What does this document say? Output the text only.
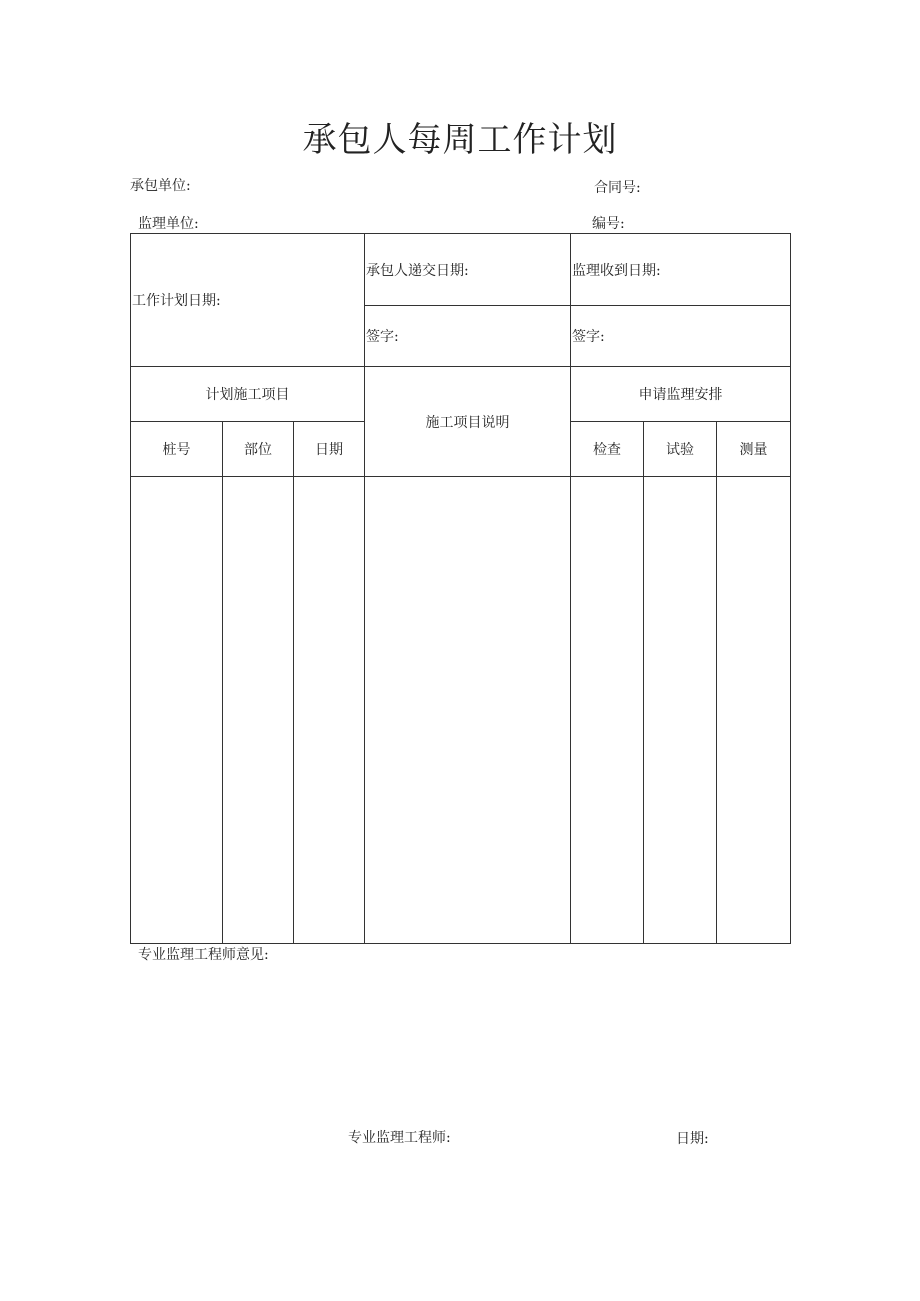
承包人每周工作计划
承包单位:	合同号:
监理单位:	编号:
工作计划日期:			承包人递交日期:	监理收到日期:		
			签字:	签字:		
计划施工项目			施工项目说明	申请监理安排		
桩号	部位	日期		检查	试验	测量

专业监理工程师意见:
专业监理工程师:	日期:
